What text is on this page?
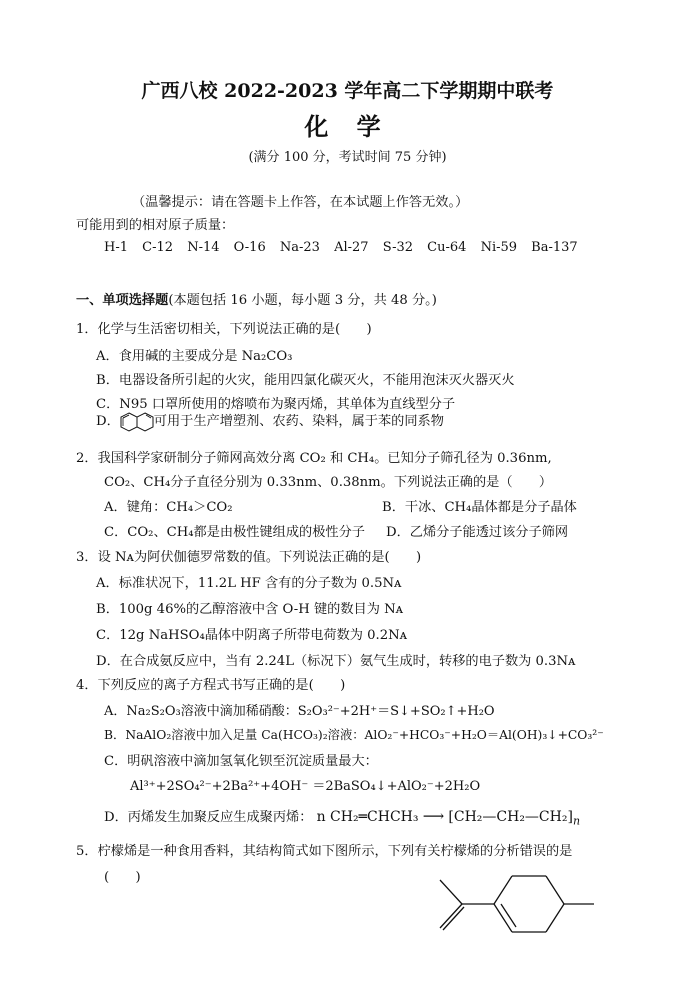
广西八校 2022-2023 学年高二下学期期中联考
化 学
(满分 100 分，考试时间 75 分钟)
（温馨提示：请在答题卡上作答，在本试题上作答无效。）
可能用到的相对原子质量：
H-1 C-12 N-14 O-16 Na-23 Al-27 S-32 Cu-64 Ni-59 Ba-137
一、单项选择题(本题包括 16 小题，每小题 3 分，共 48 分。)
1．化学与生活密切相关，下列说法正确的是(　　)
A．食用碱的主要成分是 Na₂CO₃
B．电器设备所引起的火灾，能用四氯化碳灭火，不能用泡沫灭火器灭火
C．N95 口罩所使用的熔喷布为聚丙烯，其单体为直线型分子
D．	可用于生产增塑剂、农药、染料，属于苯的同系物
2．我国科学家研制分子筛网高效分离 CO₂ 和 CH₄。已知分子筛孔径为 0.36nm,
CO₂、CH₄分子直径分别为 0.33nm、0.38nm。下列说法正确的是（　　）
A．键角：CH₄＞CO₂	B．干冰、CH₄晶体都是分子晶体
C．CO₂、CH₄都是由极性键组成的极性分子 D．乙烯分子能透过该分子筛网
3．设 Nᴀ为阿伏伽德罗常数的值。下列说法正确的是(　　)
A．标准状况下，11.2L HF 含有的分子数为 0.5Nᴀ
B．100g 46%的乙醇溶液中含 O-H 键的数目为 Nᴀ
C．12g NaHSO₄晶体中阴离子所带电荷数为 0.2Nᴀ
D．在合成氨反应中，当有 2.24L（标况下）氨气生成时，转移的电子数为 0.3Nᴀ
4．下列反应的离子方程式书写正确的是(　　)
A．Na₂S₂O₃溶液中滴加稀硝酸：S₂O₃²⁻+2H⁺＝S↓+SO₂↑+H₂O
B．NaAlO₂溶液中加入足量 Ca(HCO₃)₂溶液：AlO₂⁻+HCO₃⁻+H₂O＝Al(OH)₃↓+CO₃²⁻
C．明矾溶液中滴加氢氧化钡至沉淀质量最大：
Al³⁺+2SO₄²⁻+2Ba²⁺+4OH⁻ ＝2BaSO₄↓+AlO₂⁻+2H₂O
D．丙烯发生加聚反应生成聚丙烯： n CH₂═CHCH₃ ⟶ $[CH_2—CH_2—CH_2]_n$
5．柠檬烯是一种食用香料，其结构简式如下图所示，下列有关柠檬烯的分析错误的是
(　　)
